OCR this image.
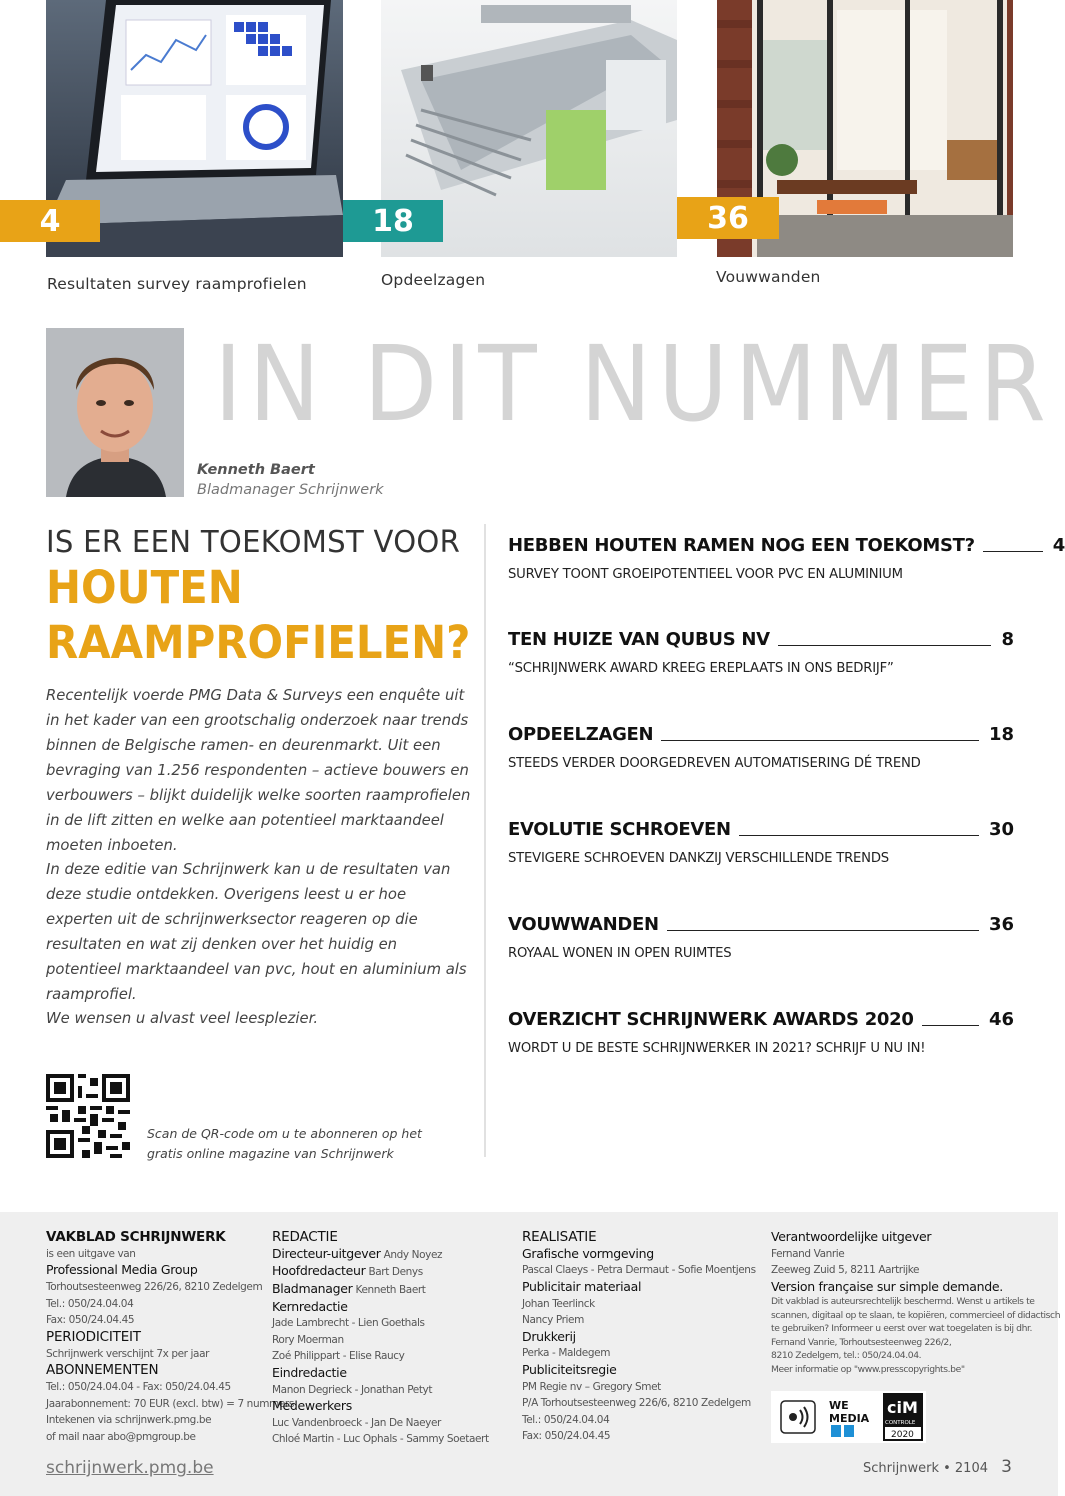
4
Resultaten survey raamprofielen
18
Opdeelzagen
36
Vouwwanden
IN DIT NUMMER
Kenneth Baert
Bladmanager Schrijnwerk
IS ER EEN TOEKOMST VOOR
HOUTEN
RAAMPROFIELEN?
Recentelijk voerde PMG Data & Surveys een enquête uit in het kader van een grootschalig onderzoek naar trends binnen de Belgische ramen- en deurenmarkt. Uit een bevraging van 1.256 respondenten – actieve bouwers en verbouwers – blijkt duidelijk welke soorten raamprofielen in de lift zitten en welke aan potentieel marktaandeel moeten inboeten.
In deze editie van Schrijnwerk kan u de resultaten van deze studie ontdekken. Overigens leest u er hoe experten uit de schrijnwerksector reageren op die resultaten en wat zij denken over het huidig en potentieel marktaandeel van pvc, hout en aluminium als raamprofiel.
We wensen u alvast veel leesplezier.
Scan de QR-code om u te abonneren op het
gratis online magazine van Schrijnwerk
HEBBEN HOUTEN RAMEN NOG EEN TOEKOMST?	4
SURVEY TOONT GROEIPOTENTIEEL VOOR PVC EN ALUMINIUM
TEN HUIZE VAN QUBUS NV	8
“SCHRIJNWERK AWARD KREEG EREPLAATS IN ONS BEDRIJF”
OPDEELZAGEN	18
STEEDS VERDER DOORGEDREVEN AUTOMATISERING DÉ TREND
EVOLUTIE SCHROEVEN	30
STEVIGERE SCHROEVEN DANKZIJ VERSCHILLENDE TRENDS
VOUWWANDEN	36
ROYAAL WONEN IN OPEN RUIMTES
OVERZICHT SCHRIJNWERK AWARDS 2020	46
WORDT U DE BESTE SCHRIJNWERKER IN 2021? SCHRIJF U NU IN!
VAKBLAD SCHRIJNWERK
is een uitgave van
Professional Media Group
Torhoutsesteenweg 226/26, 8210 Zedelgem
Tel.: 050/24.04.04
Fax: 050/24.04.45
PERIODICITEIT
Schrijnwerk verschijnt 7x per jaar
ABONNEMENTEN
Tel.: 050/24.04.04 - Fax: 050/24.04.45
Jaarabonnement: 70 EUR (excl. btw) = 7 nummers
Intekenen via schrijnwerk.pmg.be
of mail naar abo@pmgroup.be
REDACTIE
Directeur-uitgever Andy Noyez
Hoofdredacteur Bart Denys
Bladmanager Kenneth Baert
Kernredactie
Jade Lambrecht - Lien Goethals
Rory Moerman
Zoé Philippart - Elise Raucy
Eindredactie
Manon Degrieck - Jonathan Petyt
Medewerkers
Luc Vandenbroeck - Jan De Naeyer
Chloé Martin - Luc Ophals - Sammy Soetaert
REALISATIE
Grafische vormgeving
Pascal Claeys - Petra Dermaut - Sofie Moentjens
Publicitair materiaal
Johan Teerlinck
Nancy Priem
Drukkerij
Perka - Maldegem
Publiciteitsregie
PM Regie nv – Gregory Smet
P/A Torhoutsesteenweg 226/6, 8210 Zedelgem
Tel.: 050/24.04.04
Fax: 050/24.04.45
Verantwoordelijke uitgever
Fernand Vanrie
Zeeweg Zuid 5, 8211 Aartrijke
Version française sur simple demande.
Dit vakblad is auteursrechtelijk beschermd. Wenst u artikels te
scannen, digitaal op te slaan, te kopiëren, commercieel of didactisch
te gebruiken? Informeer u eerst over wat toegelaten is bij dhr.
Fernand Vanrie, Torhoutsesteenweg 226/2,
8210 Zedelgem, tel.: 050/24.04.04.
Meer informatie op "www.presscopyrights.be"
WE
MEDIA
ciM
CONTROLE
2020
schrijnwerk.pmg.be	Schrijnwerk • 2104 3
